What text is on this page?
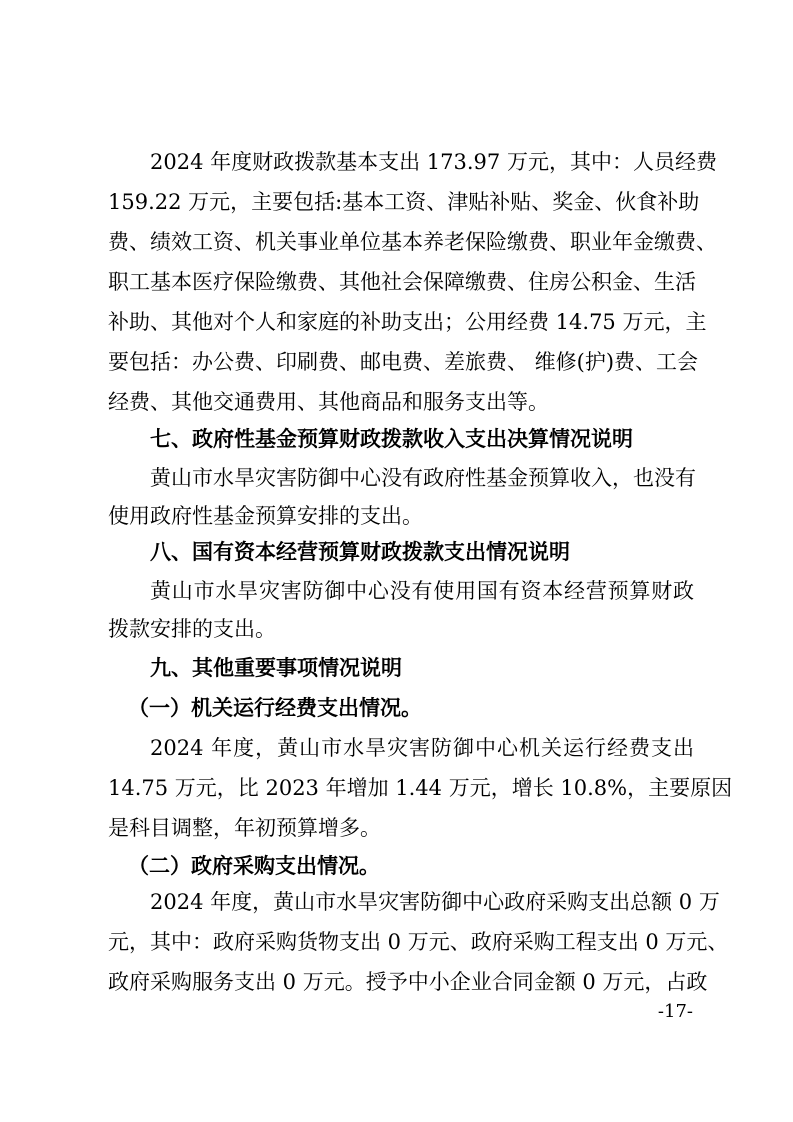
2024 年度财政拨款基本支出 173.97 万元，其中：人员经费
159.22 万元，主要包括:基本工资、津贴补贴、奖金、伙食补助
费、绩效工资、机关事业单位基本养老保险缴费、职业年金缴费、
职工基本医疗保险缴费、其他社会保障缴费、住房公积金、生活
补助、其他对个人和家庭的补助支出；公用经费 14.75 万元，主
要包括：办公费、印刷费、邮电费、差旅费、 维修(护)费、工会
经费、其他交通费用、其他商品和服务支出等。
七、政府性基金预算财政拨款收入支出决算情况说明
黄山市水旱灾害防御中心没有政府性基金预算收入，也没有
使用政府性基金预算安排的支出。
八、国有资本经营预算财政拨款支出情况说明
黄山市水旱灾害防御中心没有使用国有资本经营预算财政
拨款安排的支出。
九、其他重要事项情况说明
（一）机关运行经费支出情况。
2024 年度，黄山市水旱灾害防御中心机关运行经费支出
14.75 万元，比 2023 年增加 1.44 万元，增长 10.8%，主要原因
是科目调整，年初预算增多。
（二）政府采购支出情况。
2024 年度，黄山市水旱灾害防御中心政府采购支出总额 0 万
元，其中：政府采购货物支出 0 万元、政府采购工程支出 0 万元、
政府采购服务支出 0 万元。授予中小企业合同金额 0 万元，占政
-17-
